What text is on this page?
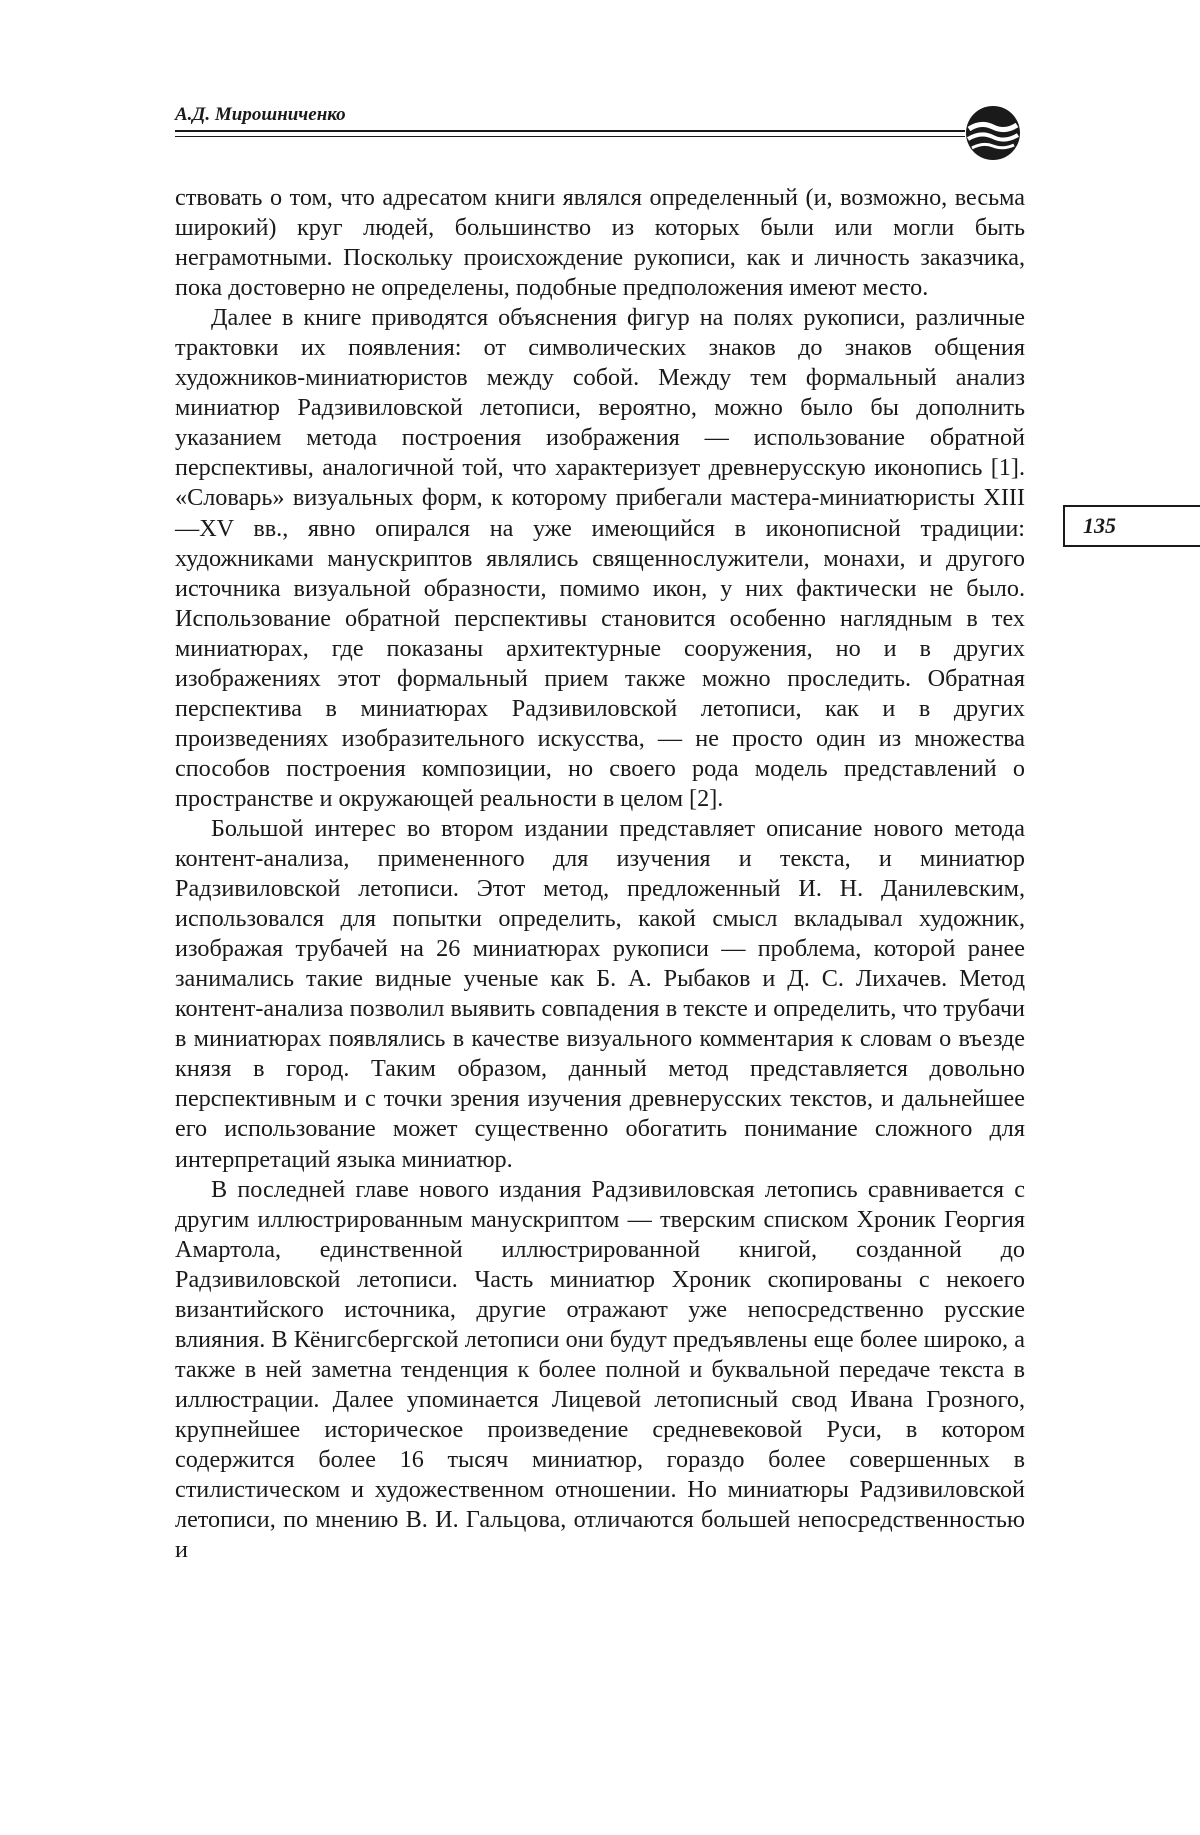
А.Д. Мирошниченко
135

ствовать о том, что адресатом книги являлся определенный (и, возможно, весьма широкий) круг людей, большинство из которых были или могли быть неграмотными. Поскольку происхождение рукописи, как и личность заказчика, пока достоверно не определены, подобные предположения имеют место.

Далее в книге приводятся объяснения фигур на полях рукописи, различные трактовки их появления: от символических знаков до знаков общения художников-миниатюристов между собой. Между тем формальный анализ миниатюр Радзивиловской летописи, вероятно, можно было бы дополнить указанием метода построения изображения — использование обратной перспективы, аналогичной той, что характеризует древнерусскую иконопись [1]. «Словарь» визуальных форм, к которому прибегали мастера-миниатюристы XIII—XV вв., явно опирался на уже имеющийся в иконописной традиции: художниками манускриптов являлись священнослужители, монахи, и другого источника визуальной образности, помимо икон, у них фактически не было. Использование обратной перспективы становится особенно наглядным в тех миниатюрах, где показаны архитектурные сооружения, но и в других изображениях этот формальный прием также можно проследить. Обратная перспектива в миниатюрах Радзивиловской летописи, как и в других произведениях изобразительного искусства, — не просто один из множества способов построения композиции, но своего рода модель представлений о пространстве и окружающей реальности в целом [2].

Большой интерес во втором издании представляет описание нового метода контент-анализа, примененного для изучения и текста, и миниатюр Радзивиловской летописи. Этот метод, предложенный И. Н. Данилевским, использовался для попытки определить, какой смысл вкладывал художник, изображая трубачей на 26 миниатюрах рукописи — проблема, которой ранее занимались такие видные ученые как Б. А. Рыбаков и Д. С. Лихачев. Метод контент-анализа позволил выявить совпадения в тексте и определить, что трубачи в миниатюрах появлялись в качестве визуального комментария к словам о въезде князя в город. Таким образом, данный метод представляется довольно перспективным и с точки зрения изучения древнерусских текстов, и дальнейшее его использование может существенно обогатить понимание сложного для интерпретаций языка миниатюр.

В последней главе нового издания Радзивиловская летопись сравнивается с другим иллюстрированным манускриптом — тверским списком Хроник Георгия Амартола, единственной иллюстрированной книгой, созданной до Радзивиловской летописи. Часть миниатюр Хроник скопированы с некоего византийского источника, другие отражают уже непосредственно русские влияния. В Кёнигсбергской летописи они будут предъявлены еще более широко, а также в ней заметна тенденция к более полной и буквальной передаче текста в иллюстрации. Далее упоминается Лицевой летописный свод Ивана Грозного, крупнейшее историческое произведение средневековой Руси, в котором содержится более 16 тысяч миниатюр, гораздо более совершенных в стилистическом и художественном отношении. Но миниатюры Радзивиловской летописи, по мнению В. И. Гальцова, отличаются большей непосредственностью и
